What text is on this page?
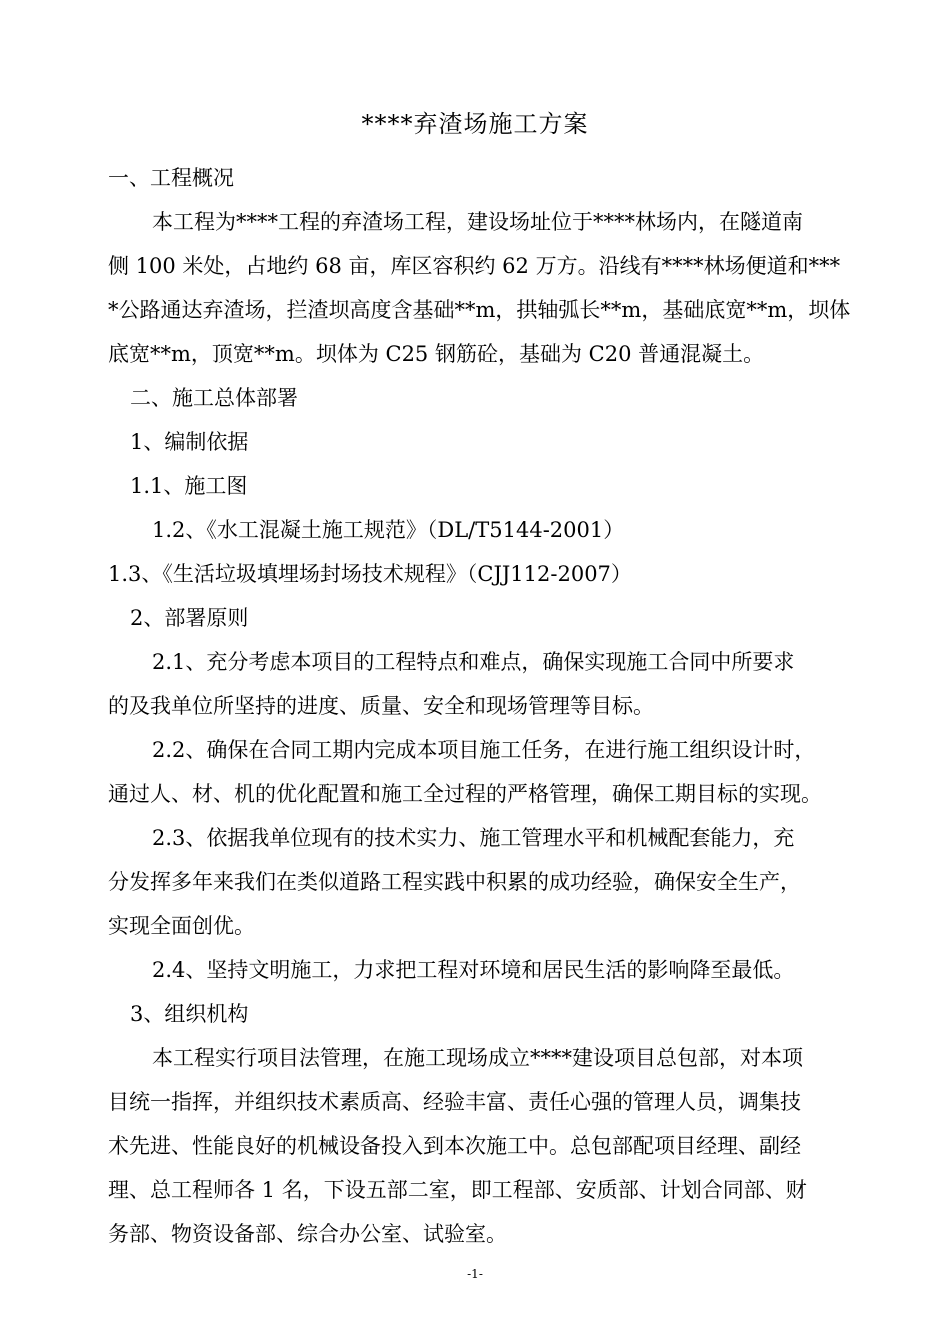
****弃渣场施工方案
一、工程概况
本工程为****工程的弃渣场工程，建设场址位于****林场内，在隧道南
侧 100 米处，占地约 68 亩，库区容积约 62 万方。沿线有****林场便道和***
*公路通达弃渣场，拦渣坝高度含基础**m，拱轴弧长**m，基础底宽**m，坝体
底宽**m，顶宽**m。坝体为 C25 钢筋砼，基础为 C20 普通混凝土。
二、施工总体部署
1、编制依据
1.1、施工图
1.2、《水工混凝土施工规范》（DL/T5144-2001）
1.3、《生活垃圾填埋场封场技术规程》（CJJ112-2007）
2、部署原则
2.1、充分考虑本项目的工程特点和难点，确保实现施工合同中所要求
的及我单位所坚持的进度、质量、安全和现场管理等目标。
2.2、确保在合同工期内完成本项目施工任务，在进行施工组织设计时，
通过人、材、机的优化配置和施工全过程的严格管理，确保工期目标的实现。
2.3、依据我单位现有的技术实力、施工管理水平和机械配套能力，充
分发挥多年来我们在类似道路工程实践中积累的成功经验，确保安全生产，
实现全面创优。
2.4、坚持文明施工，力求把工程对环境和居民生活的影响降至最低。
3、组织机构
本工程实行项目法管理，在施工现场成立****建设项目总包部，对本项
目统一指挥，并组织技术素质高、经验丰富、责任心强的管理人员，调集技
术先进、性能良好的机械设备投入到本次施工中。总包部配项目经理、副经
理、总工程师各 1 名，下设五部二室，即工程部、安质部、计划合同部、财
务部、物资设备部、综合办公室、试验室。
-1-
